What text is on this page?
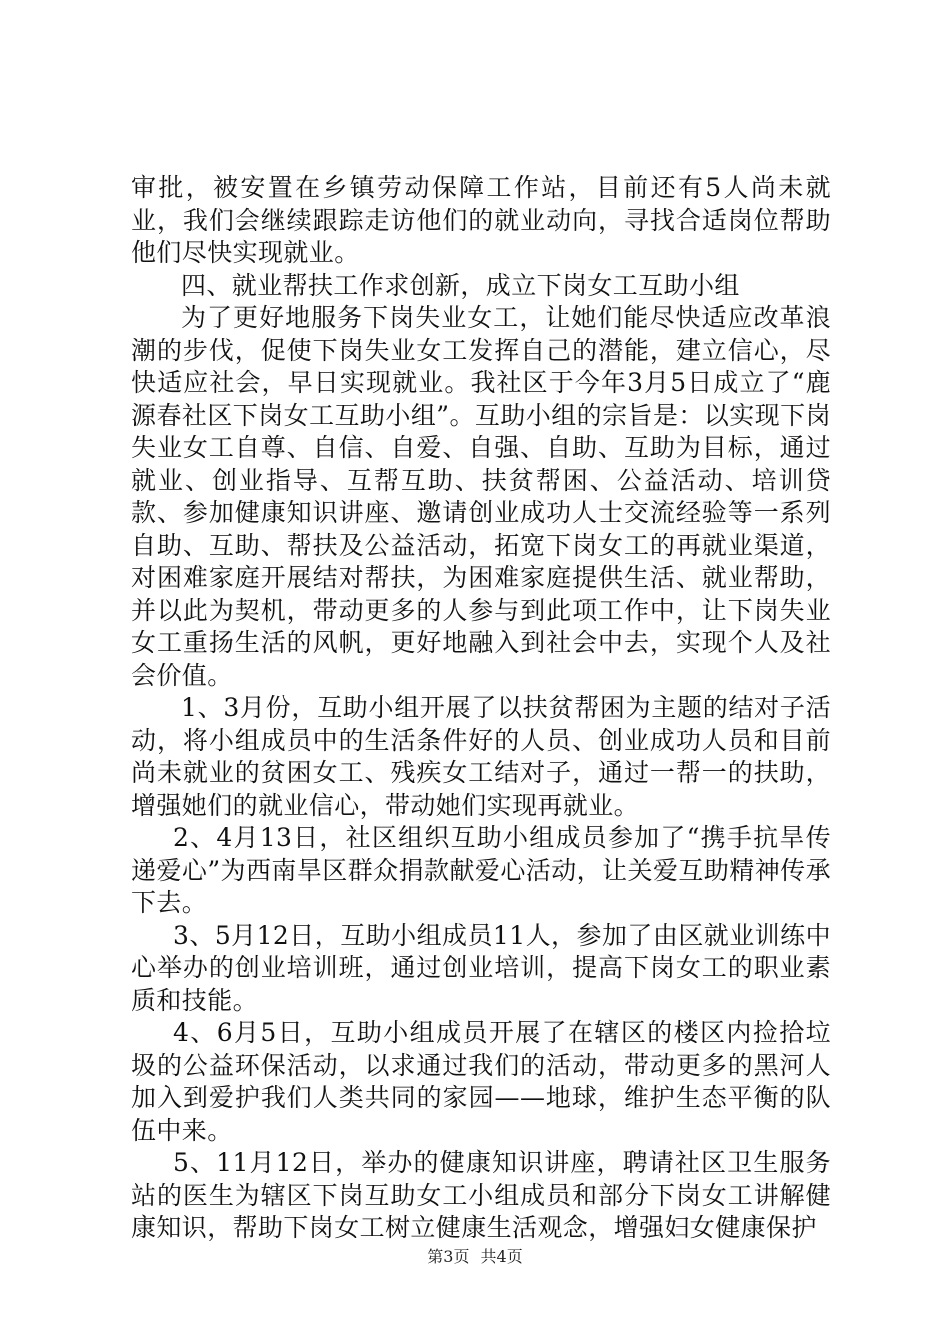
审批，被安置在乡镇劳动保障工作站，目前还有5人尚未就业，我们会继续跟踪走访他们的就业动向，寻找合适岗位帮助他们尽快实现就业。

四、就业帮扶工作求创新，成立下岗女工互助小组

为了更好地服务下岗失业女工，让她们能尽快适应改革浪潮的步伐，促使下岗失业女工发挥自己的潜能，建立信心，尽快适应社会，早日实现就业。我社区于今年3月5日成立了“鹿源春社区下岗女工互助小组”。互助小组的宗旨是：以实现下岗失业女工自尊、自信、自爱、自强、自助、互助为目标，通过就业、创业指导、互帮互助、扶贫帮困、公益活动、培训贷款、参加健康知识讲座、邀请创业成功人士交流经验等一系列自助、互助、帮扶及公益活动，拓宽下岗女工的再就业渠道，对困难家庭开展结对帮扶，为困难家庭提供生活、就业帮助，并以此为契机，带动更多的人参与到此项工作中，让下岗失业女工重扬生活的风帆，更好地融入到社会中去，实现个人及社会价值。

1、3月份，互助小组开展了以扶贫帮困为主题的结对子活动，将小组成员中的生活条件好的人员、创业成功人员和目前尚未就业的贫困女工、残疾女工结对子，通过一帮一的扶助，增强她们的就业信心，带动她们实现再就业。

2、4月13日，社区组织互助小组成员参加了“携手抗旱传递爱心”为西南旱区群众捐款献爱心活动，让关爱互助精神传承下去。

3、5月12日，互助小组成员11人，参加了由区就业训练中心举办的创业培训班，通过创业培训，提高下岗女工的职业素质和技能。

4、6月5日，互助小组成员开展了在辖区的楼区内捡拾垃圾的公益环保活动，以求通过我们的活动，带动更多的黑河人加入到爱护我们人类共同的家园——地球，维护生态平衡的队伍中来。

5、11月12日，举办的健康知识讲座，聘请社区卫生服务站的医生为辖区下岗互助女工小组成员和部分下岗女工讲解健康知识，帮助下岗女工树立健康生活观念，增强妇女健康保护

第3页 共4页
